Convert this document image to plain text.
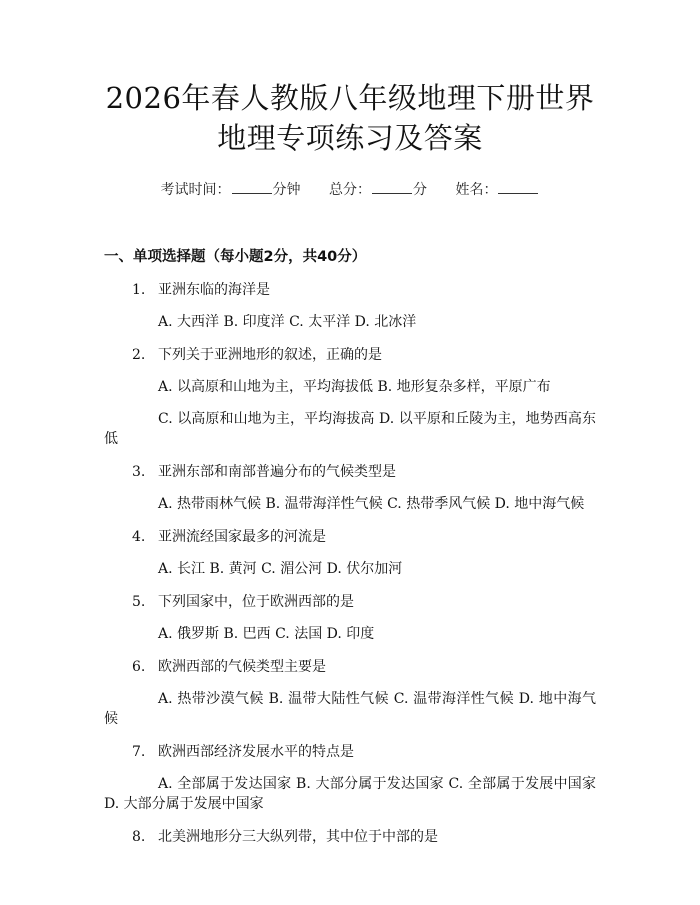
2026年春人教版八年级地理下册世界地理专项练习及答案
考试时间：	分钟 总分：	分 姓名：
一、单项选择题（每小题2分，共40分）
1. 亚洲东临的海洋是
A. 大西洋 B. 印度洋 C. 太平洋 D. 北冰洋
2. 下列关于亚洲地形的叙述，正确的是
A. 以高原和山地为主，平均海拔低 B. 地形复杂多样，平原广布
C. 以高原和山地为主，平均海拔高 D. 以平原和丘陵为主，地势西高东低
3. 亚洲东部和南部普遍分布的气候类型是
A. 热带雨林气候 B. 温带海洋性气候 C. 热带季风气候 D. 地中海气候
4. 亚洲流经国家最多的河流是
A. 长江 B. 黄河 C. 湄公河 D. 伏尔加河
5. 下列国家中，位于欧洲西部的是
A. 俄罗斯 B. 巴西 C. 法国 D. 印度
6. 欧洲西部的气候类型主要是
A. 热带沙漠气候 B. 温带大陆性气候 C. 温带海洋性气候 D. 地中海气候
7. 欧洲西部经济发展水平的特点是
A. 全部属于发达国家 B. 大部分属于发达国家 C. 全部属于发展中国家 D. 大部分属于发展中国家
8. 北美洲地形分三大纵列带，其中位于中部的是
